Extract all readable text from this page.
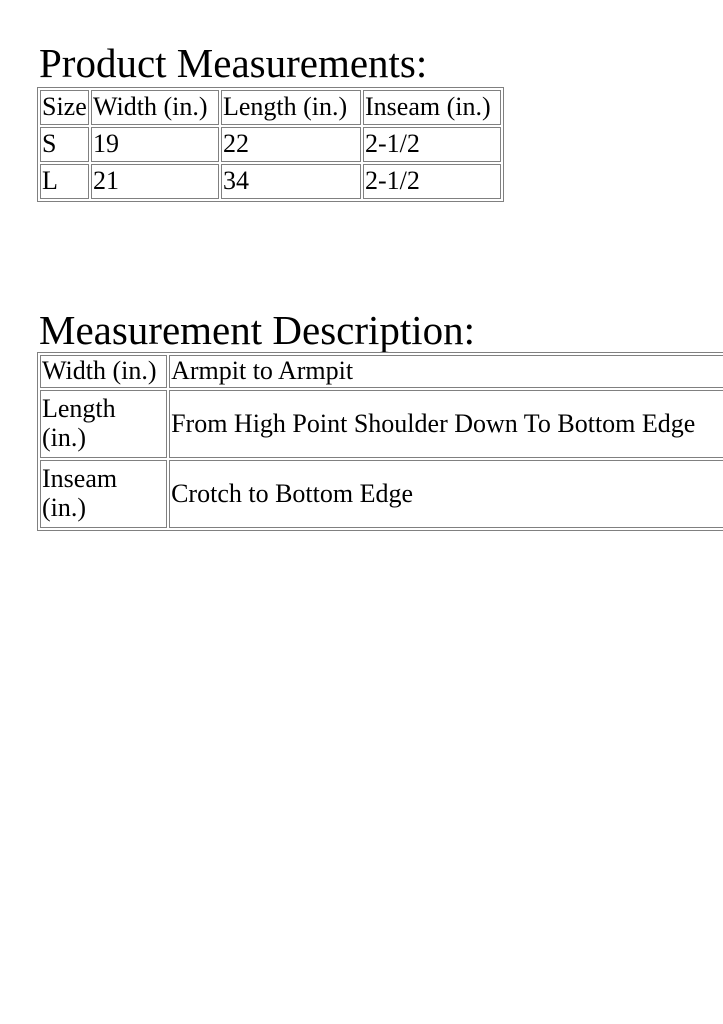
Product Measurements:
Size	Width (in.)	Length (in.)	Inseam (in.)
S	19	22	2-1/2
L	21	34	2-1/2
Measurement Description:
Width (in.)	Armpit to Armpit
Length (in.)	From High Point Shoulder Down To Bottom Edge
Inseam (in.)	Crotch to Bottom Edge
